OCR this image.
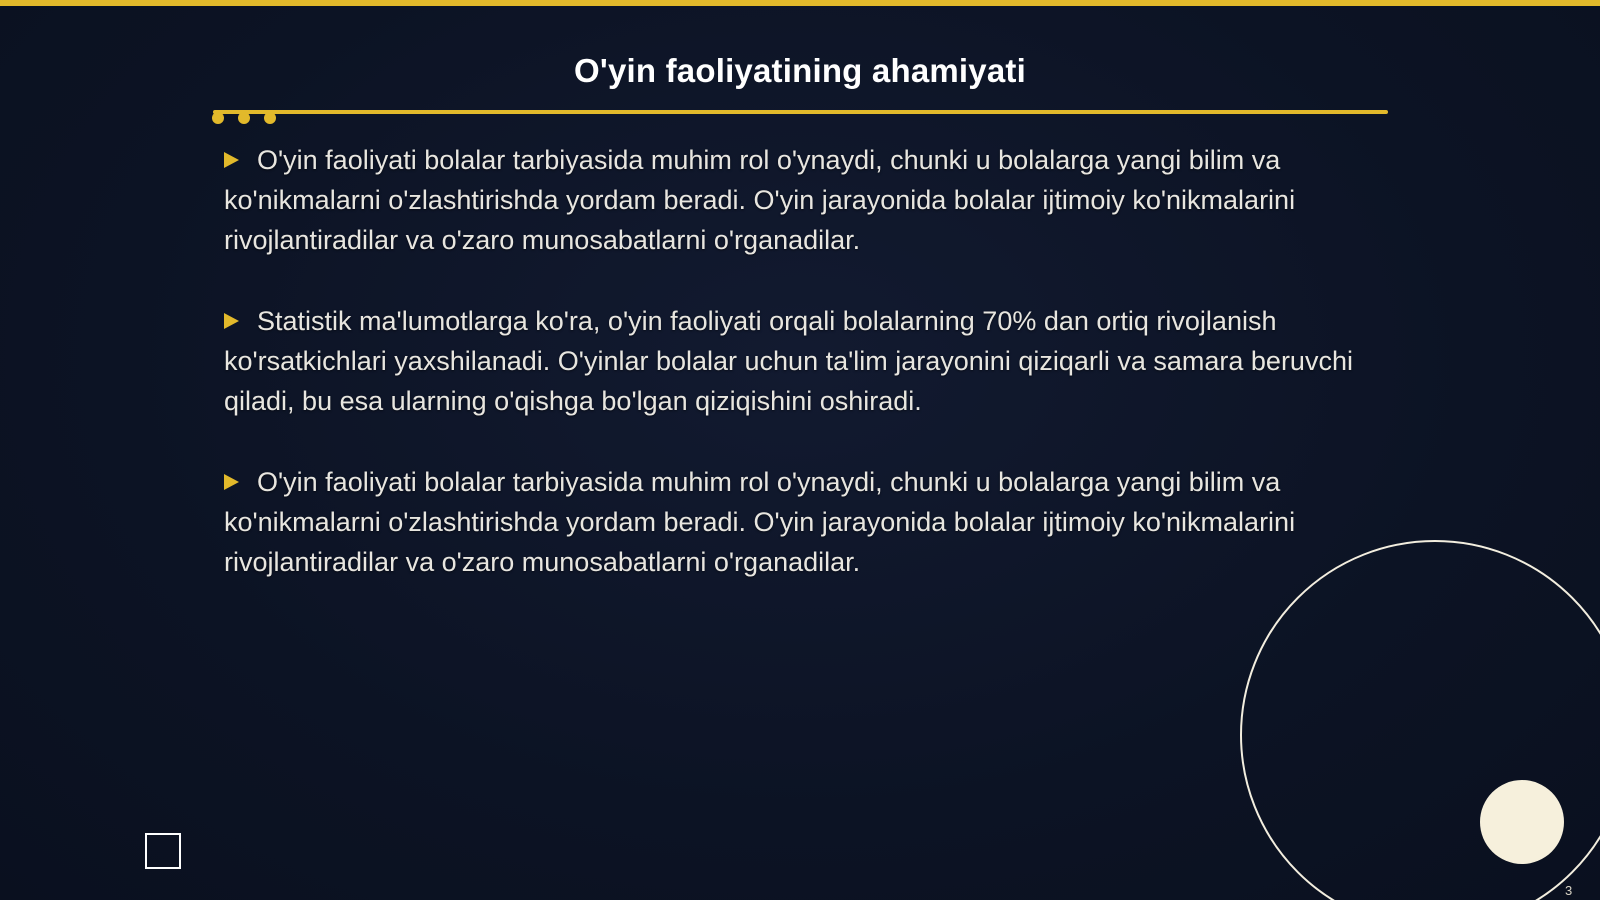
O'yin faoliyatining ahamiyati

O'yin faoliyati bolalar tarbiyasida muhim rol o'ynaydi, chunki u bolalarga yangi bilim va ko'nikmalarni o'zlashtirishda yordam beradi. O'yin jarayonida bolalar ijtimoiy ko'nikmalarini rivojlantiradilar va o'zaro munosabatlarni o'rganadilar.

Statistik ma'lumotlarga ko'ra, o'yin faoliyati orqali bolalarning 70% dan ortiq rivojlanish ko'rsatkichlari yaxshilanadi. O'yinlar bolalar uchun ta'lim jarayonini qiziqarli va samara beruvchi qiladi, bu esa ularning o'qishga bo'lgan qiziqishini oshiradi.

O'yin faoliyati bolalar tarbiyasida muhim rol o'ynaydi, chunki u bolalarga yangi bilim va ko'nikmalarni o'zlashtirishda yordam beradi. O'yin jarayonida bolalar ijtimoiy ko'nikmalarini rivojlantiradilar va o'zaro munosabatlarni o'rganadilar.

3
